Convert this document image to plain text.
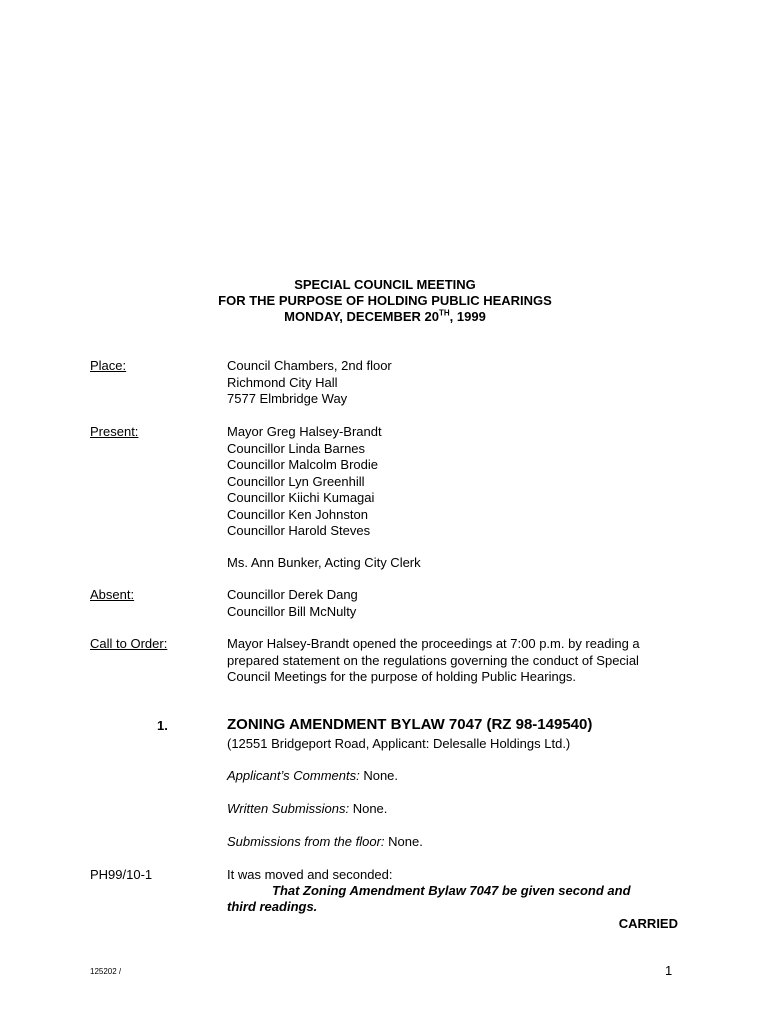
SPECIAL COUNCIL MEETING
FOR THE PURPOSE OF HOLDING PUBLIC HEARINGS
MONDAY, DECEMBER 20TH, 1999
Place:	Council Chambers, 2nd floor
Richmond City Hall
7577 Elmbridge Way
Present:	Mayor Greg Halsey-Brandt
Councillor Linda Barnes
Councillor Malcolm Brodie
Councillor Lyn Greenhill
Councillor Kiichi Kumagai
Councillor Ken Johnston
Councillor Harold Steves
Ms. Ann Bunker, Acting City Clerk
Absent:	Councillor Derek Dang
Councillor Bill McNulty
Call to Order:	Mayor Halsey-Brandt opened the proceedings at 7:00 p.m. by reading a
prepared statement on the regulations governing the conduct of Special
Council Meetings for the purpose of holding Public Hearings.
1.	ZONING AMENDMENT BYLAW 7047 (RZ 98-149540)
(12551 Bridgeport Road, Applicant: Delesalle Holdings Ltd.)
Applicant’s Comments: None.
Written Submissions: None.
Submissions from the floor: None.
PH99/10-1	It was moved and seconded:
That Zoning Amendment Bylaw 7047 be given second and
third readings.
CARRIED
125202 /	1
